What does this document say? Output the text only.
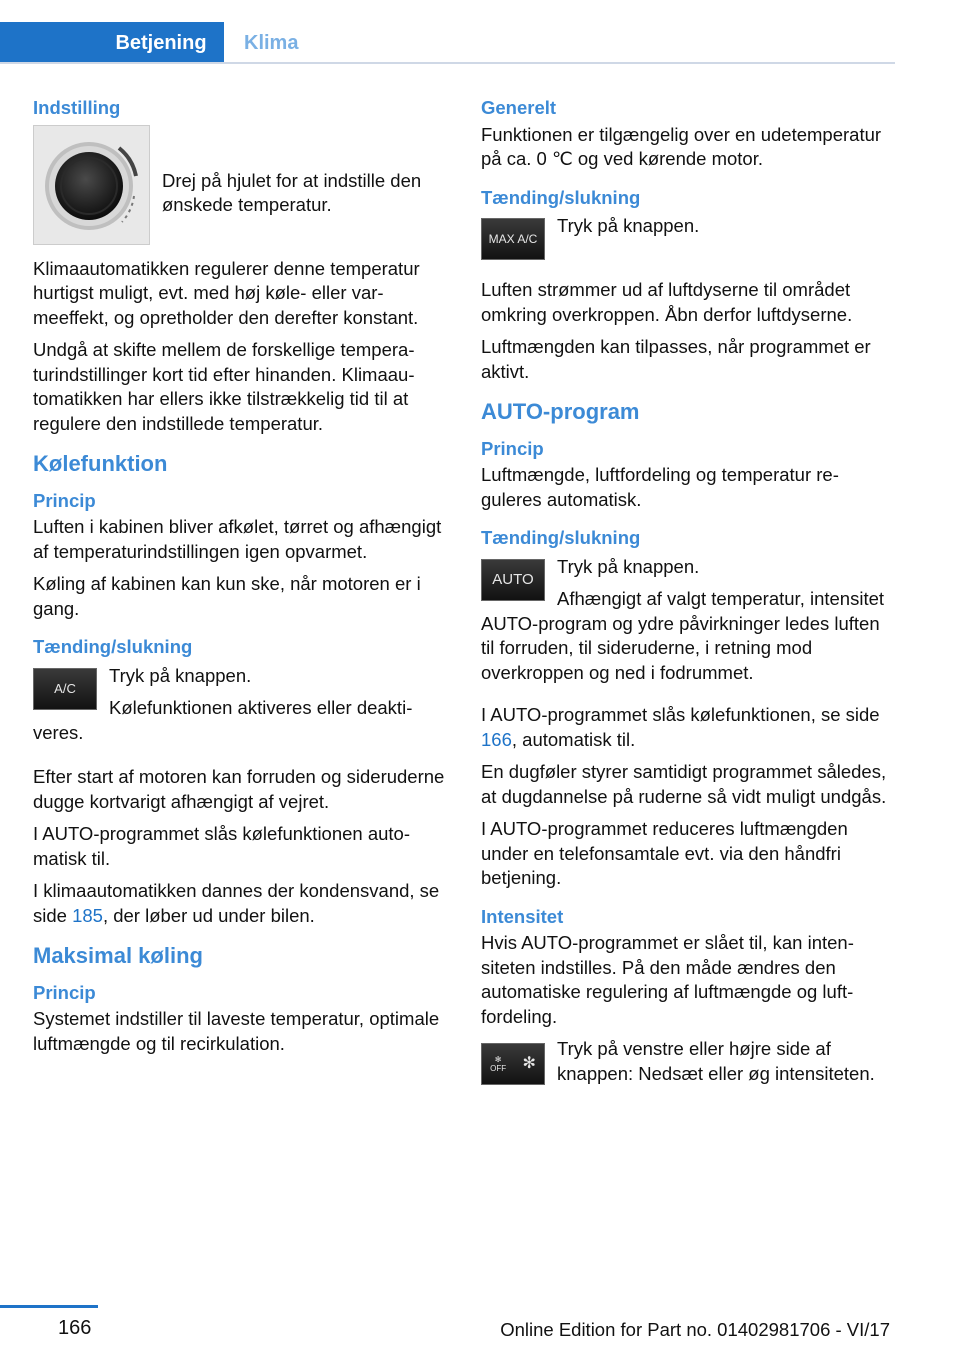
Betjening	Klima
Indstilling

Drej på hjulet for at indstille den ønskede temperatur.

Klimaautomatikken regulerer denne temperatur hurtigst muligt, evt. med høj køle- eller varmeeffekt, og opretholder den derefter konstant.

Undgå at skifte mellem de forskellige temperaturindstillinger kort tid efter hinanden. Klimaautomatikken har ellers ikke tilstrækkelig tid til at regulere den indstillede temperatur.

Kølefunktion
Princip

Luften i kabinen bliver afkølet, tørret og afhængigt af temperaturindstillingen igen opvarmet.

Køling af kabinen kan kun ske, når motoren er i gang.

Tænding/slukning
A/C

Tryk på knappen.

Kølefunktionen aktiveres eller deaktiveres.

Efter start af motoren kan forruden og sideruderne dugge kortvarigt afhængigt af vejret.

I AUTO-programmet slås kølefunktionen automatisk til.

I klimaautomatikken dannes der kondensvand, se side 185, der løber ud under bilen.

Maksimal køling
Princip

Systemet indstiller til laveste temperatur, optimale luftmængde og til recirkulation.

Generelt

Funktionen er tilgængelig over en udetemperatur på ca. 0 ℃ og ved kørende motor.

Tænding/slukning
MAX A/C

Tryk på knappen.

Luften strømmer ud af luftdyserne til området omkring overkroppen. Åbn derfor luftdyserne.

Luftmængden kan tilpasses, når programmet er aktivt.

AUTO-program
Princip

Luftmængde, luftfordeling og temperatur reguleres automatisk.

Tænding/slukning
AUTO

Tryk på knappen.

Afhængigt af valgt temperatur, intensitet AUTO-program og ydre påvirkninger ledes luften til forruden, til sideruderne, i retning mod overkroppen og ned i fodrummet.

I AUTO-programmet slås kølefunktionen, se side 166, automatisk til.

En dugføler styrer samtidigt programmet således, at dugdannelse på ruderne så vidt muligt undgås.

I AUTO-programmet reduceres luftmængden under en telefonsamtale evt. via den håndfri betjening.

Intensitet

Hvis AUTO-programmet er slået til, kan intensiteten indstilles. På den måde ændres den automatiske regulering af luftmængde og luftfordeling.

✻
OFF ✻

Tryk på venstre eller højre side af knappen: Nedsæt eller øg intensiteten.

166	Online Edition for Part no. 01402981706 - VI/17
